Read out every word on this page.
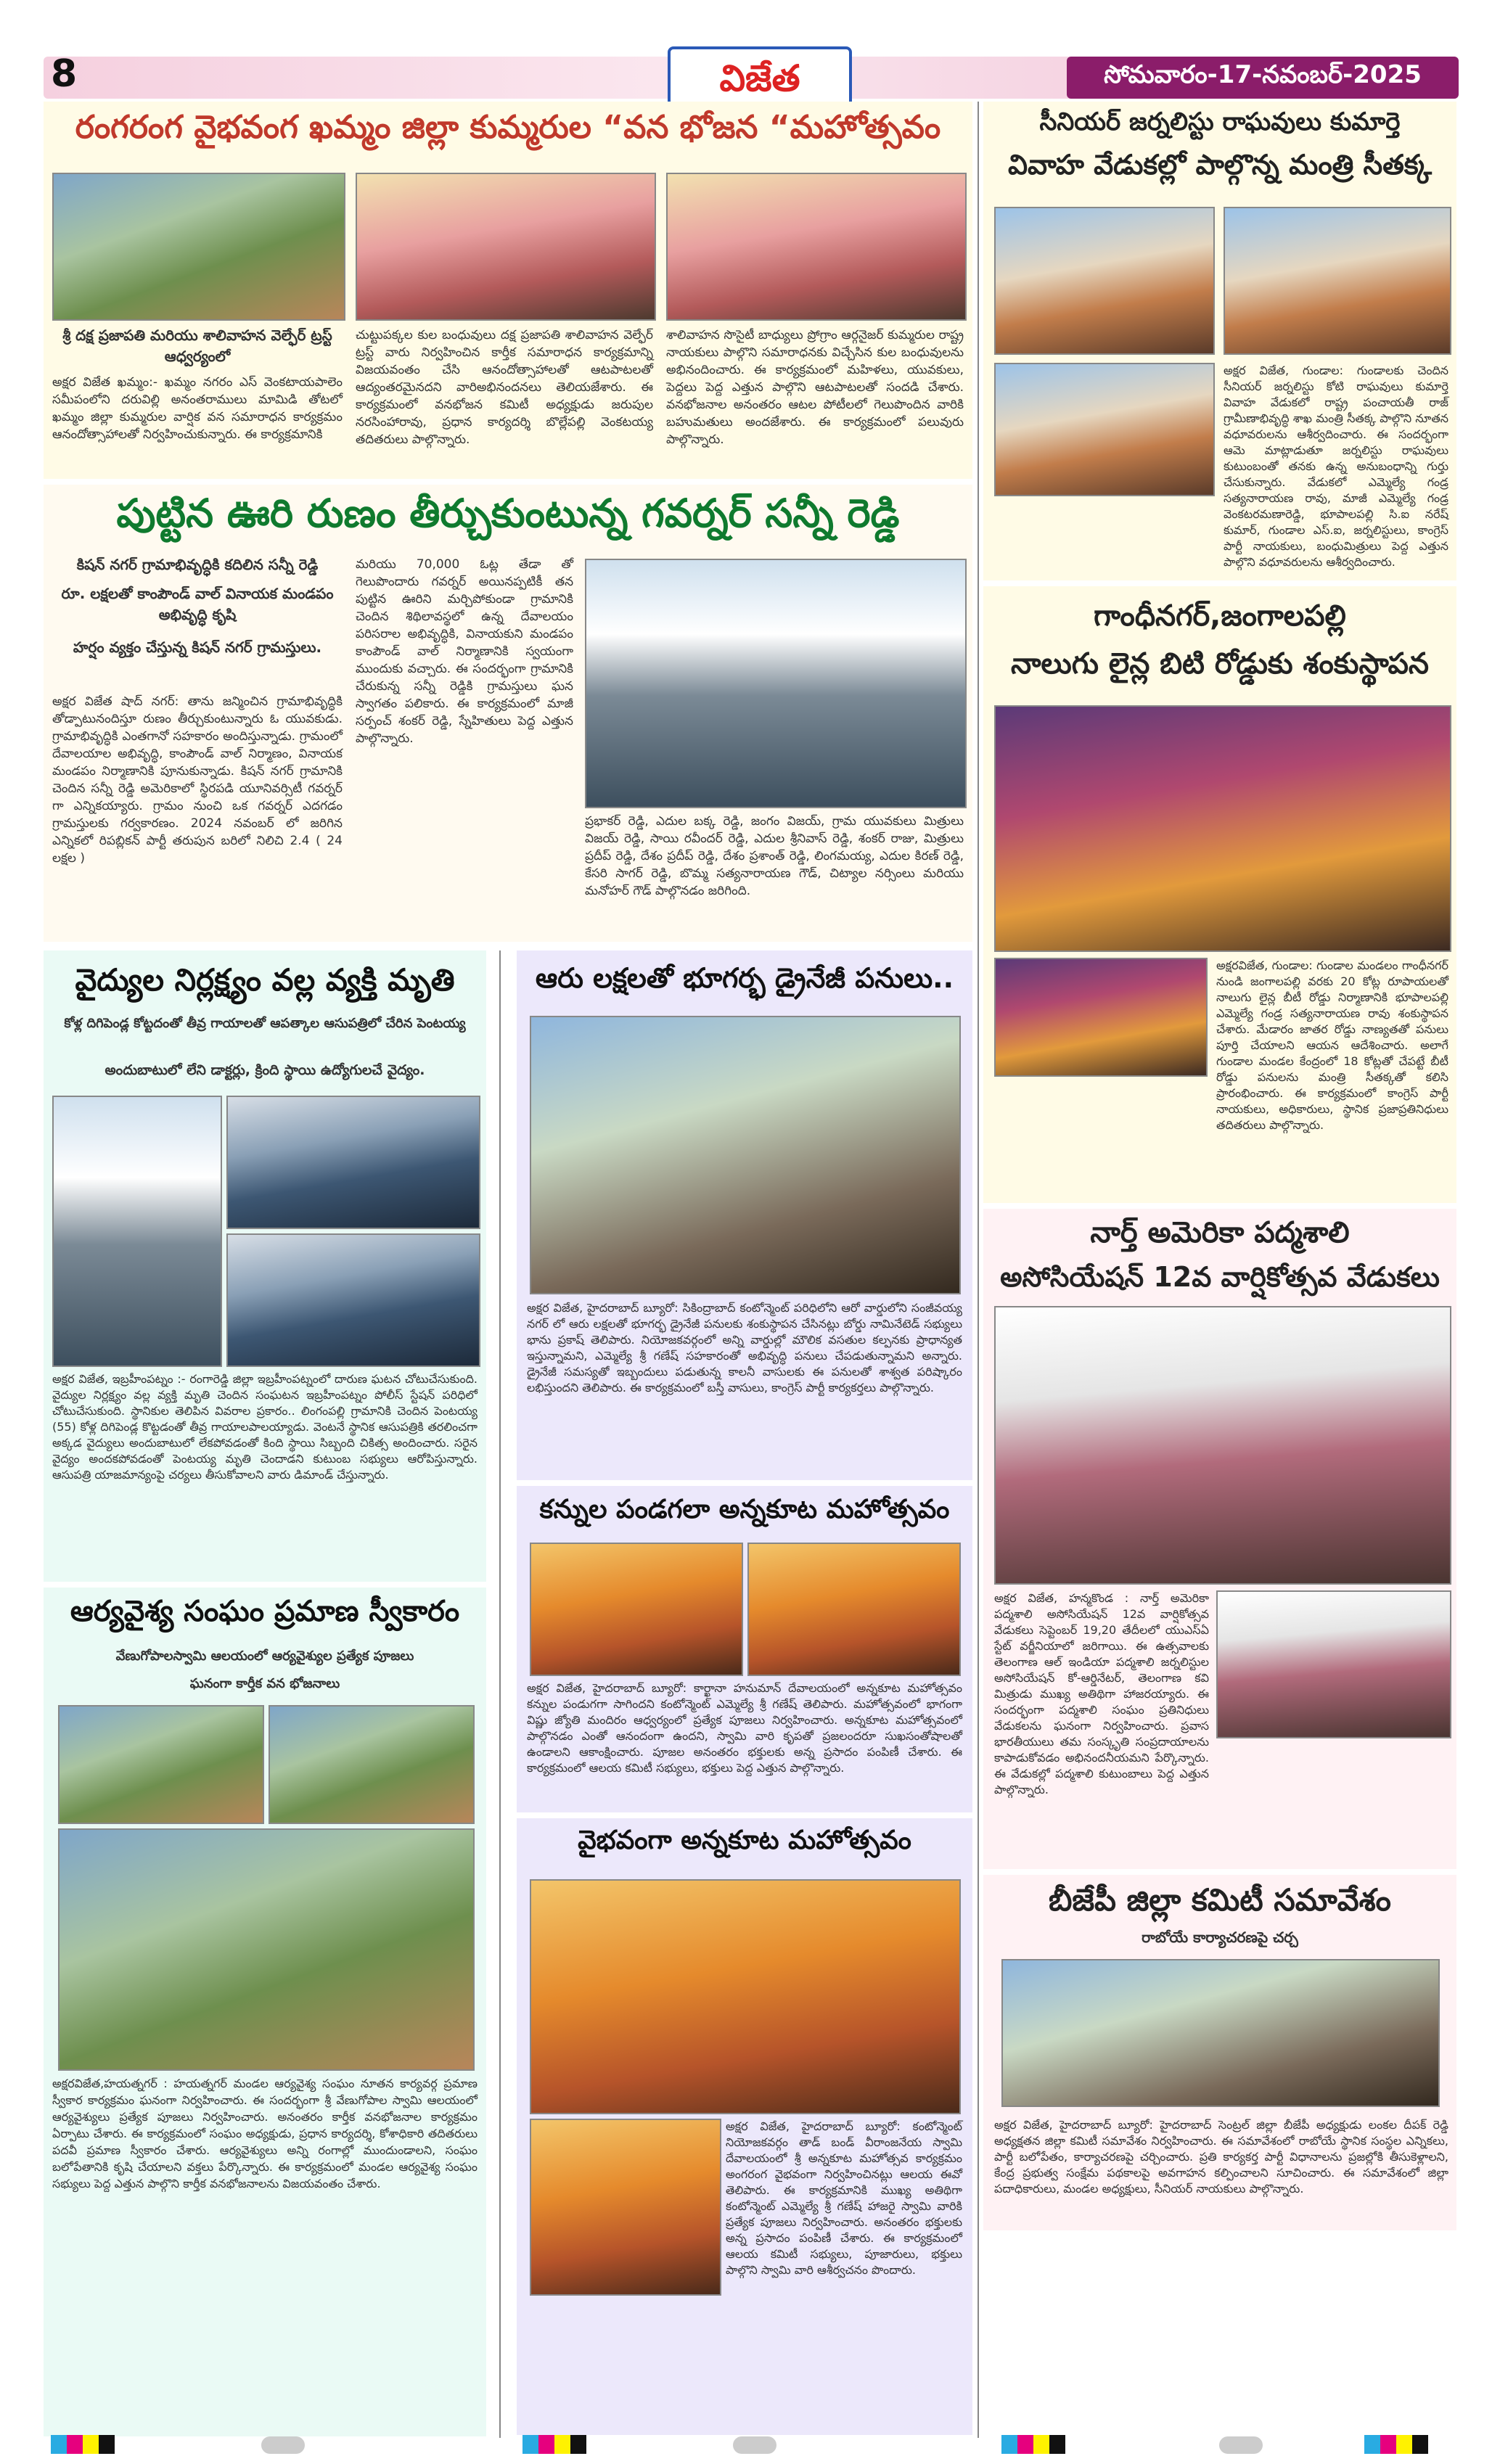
8	విజేత	సోమవారం-17-నవంబర్-2025
రంగరంగ వైభవంగ ఖమ్మం జిల్లా కుమ్మరుల “వన భోజన “మహోత్సవం
శ్రీ దక్ష ప్రజాపతి మరియు శాలివాహన వెల్ఫేర్ ట్రస్ట్ ఆధ్వర్యంలో
అక్షర విజేత ఖమ్మం:- ఖమ్మం నగరం ఎస్ వెంకటాయపాలెం సమీపంలోని దరువిల్లి అనంతరాములు మామిడి తోటలో ఖమ్మం జిల్లా కుమ్మరుల వార్షిక వన సమారాధన కార్యక్రమం ఆనందోత్సాహాలతో నిర్వహించుకున్నారు. ఈ కార్యక్రమానికి
చుట్టుపక్కల కుల బంధువులు దక్ష ప్రజాపతి శాలివాహన వెల్ఫేర్ ట్రస్ట్ వారు నిర్వహించిన కార్తీక సమారాధన కార్యక్రమాన్ని విజయవంతం చేసి ఆనందోత్సాహాలతో ఆటపాటలతో ఆద్యంతరమైనదని వారిఅభినందనలు తెలియజేశారు. ఈ కార్యక్రమంలో వనభోజన కమిటీ అధ్యక్షుడు జరుపుల నరసింహారావు, ప్రధాన కార్యదర్శి బొల్లేపల్లి వెంకటయ్య తదితరులు పాల్గొన్నారు.
శాలివాహన సొసైటీ బాధ్యులు ప్రోగ్రాం ఆర్గనైజర్ కుమ్మరుల రాష్ట్ర నాయకులు పాల్గొని సమారాధనకు విచ్చేసిన కుల బంధువులను అభినందించారు. ఈ కార్యక్రమంలో మహిళలు, యువకులు, పెద్దలు పెద్ద ఎత్తున పాల్గొని ఆటపాటలతో సందడి చేశారు. వనభోజనాల అనంతరం ఆటల పోటీలలో గెలుపొందిన వారికి బహుమతులు అందజేశారు. ఈ కార్యక్రమంలో పలువురు పాల్గొన్నారు.
పుట్టిన ఊరి రుణం తీర్చుకుంటున్న గవర్నర్ సన్నీ రెడ్డి
కిషన్ నగర్ గ్రామాభివృద్ధికి కదిలిన సన్నీ రెడ్డి
రూ. లక్షలతో కాంపౌండ్ వాల్ వినాయక మండపం అభివృద్ధి కృషి
హర్షం వ్యక్తం చేస్తున్న కిషన్ నగర్ గ్రామస్తులు.
అక్షర విజేత షాద్ నగర్: తాను జన్మించిన గ్రామాభివృద్ధికి తోడ్పాటునందిస్తూ రుణం తీర్చుకుంటున్నారు ఓ యువకుడు. గ్రామాభివృద్ధికి ఎంతగానో సహకారం అందిస్తున్నాడు. గ్రామంలో దేవాలయాల అభివృద్ధి, కాంపౌండ్ వాల్ నిర్మాణం, వినాయక మండపం నిర్మాణానికి పూనుకున్నాడు. కిషన్ నగర్ గ్రామానికి చెందిన సన్నీ రెడ్డి అమెరికాలో స్థిరపడి యూనివర్సిటీ గవర్నర్ గా ఎన్నికయ్యారు. గ్రామం నుంచి ఒక గవర్నర్ ఎదగడం గ్రామస్తులకు గర్వకారణం. 2024 నవంబర్ లో జరిగిన ఎన్నికలో రిపబ్లికన్ పార్టీ తరుపున బరిలో నిలిచి 2.4 ( 24 లక్షల )
మరియు 70,000 ఓట్ల తేడా తో గెలుపొందారు గవర్నర్ అయినప్పటికీ తన పుట్టిన ఊరిని మర్చిపోకుండా గ్రామానికి చెందిన శిథిలావస్థలో ఉన్న దేవాలయం పరిసరాల అభివృద్ధికి, వినాయకుని మండపం కాంపౌండ్ వాల్ నిర్మాణానికి స్వయంగా ముందుకు వచ్చారు. ఈ సందర్భంగా గ్రామానికి చేరుకున్న సన్నీ రెడ్డికి గ్రామస్తులు ఘన స్వాగతం పలికారు. ఈ కార్యక్రమంలో మాజీ సర్పంచ్ శంకర్ రెడ్డి, స్నేహితులు పెద్ద ఎత్తున పాల్గొన్నారు.
ప్రభాకర్ రెడ్డి, ఎదుల బక్క రెడ్డి, జంగం విజయ్, గ్రామ యువకులు మిత్రులు విజయ్ రెడ్డి, సాయి రవీందర్ రెడ్డి, ఎదుల శ్రీనివాస్ రెడ్డి, శంకర్ రాజు, మిత్రులు ప్రదీప్ రెడ్డి, దేశం ప్రదీప్ రెడ్డి, దేశం ప్రశాంత్ రెడ్డి, లింగమయ్య, ఎదుల కిరణ్ రెడ్డి, కేసరి సాగర్ రెడ్డి, బొమ్మ సత్యనారాయణ గౌడ్, చిట్యాల నర్సింలు మరియు మనోహర్ గౌడ్ పాల్గొనడం జరిగింది.
సీనియర్ జర్నలిస్టు రాఘవులు కుమార్తె
వివాహ వేడుకల్లో పాల్గొన్న మంత్రి సీతక్క
అక్షర విజేత, గుండాల: గుండాలకు చెందిన సీనియర్ జర్నలిస్టు కోటి రాఘవులు కుమార్తె వివాహ వేడుకలో రాష్ట్ర పంచాయతీ రాజ్ గ్రామీణాభివృద్ధి శాఖ మంత్రి సీతక్క పాల్గొని నూతన వధూవరులను ఆశీర్వదించారు. ఈ సందర్భంగా ఆమె మాట్లాడుతూ జర్నలిస్టు రాఘవులు కుటుంబంతో తనకు ఉన్న అనుబంధాన్ని గుర్తు చేసుకున్నారు. వేడుకలో ఎమ్మెల్యే గండ్ర సత్యనారాయణ రావు, మాజీ ఎమ్మెల్యే గండ్ర వెంకటరమణారెడ్డి, భూపాలపల్లి సి.ఐ నరేష్ కుమార్, గుండాల ఎస్.ఐ, జర్నలిస్టులు, కాంగ్రెస్ పార్టీ నాయకులు, బంధుమిత్రులు పెద్ద ఎత్తున పాల్గొని వధూవరులను ఆశీర్వదించారు.
గాంధీనగర్,జంగాలపల్లి
నాలుగు లైన్ల బిటి రోడ్డుకు శంకుస్థాపన
అక్షరవిజేత, గుండాల: గుండాల మండలం గాంధీనగర్ నుండి జంగాలపల్లి వరకు 20 కోట్ల రూపాయలతో నాలుగు లైన్ల బీటీ రోడ్డు నిర్మాణానికి భూపాలపల్లి ఎమ్మెల్యే గండ్ర సత్యనారాయణ రావు శంకుస్థాపన చేశారు. మేడారం జాతర రోడ్డు నాణ్యతతో పనులు పూర్తి చేయాలని ఆయన ఆదేశించారు. అలాగే గుండాల మండల కేంద్రంలో 18 కోట్లతో చేపట్టే బీటీ రోడ్డు పనులను మంత్రి సీతక్కతో కలిసి ప్రారంభించారు. ఈ కార్యక్రమంలో కాంగ్రెస్ పార్టీ నాయకులు, అధికారులు, స్థానిక ప్రజాప్రతినిధులు తదితరులు పాల్గొన్నారు.
నార్త్ అమెరికా పద్మశాలి
అసోసియేషన్ 12వ వార్షికోత్సవ వేడుకలు
అక్షర విజేత, హన్మకొండ : నార్త్ అమెరికా పద్మశాలి అసోసియేషన్ 12వ వార్షికోత్సవ వేడుకలు సెప్టెంబర్ 19,20 తేదీలలో యుఎస్ఏ స్టేట్ వర్జీనియాలో జరిగాయి. ఈ ఉత్సవాలకు తెలంగాణ ఆల్ ఇండియా పద్మశాలి జర్నలిస్టుల అసోసియేషన్ కో-ఆర్డినేటర్, తెలంగాణ కవి మిత్రుడు ముఖ్య అతిథిగా హాజరయ్యారు. ఈ సందర్భంగా పద్మశాలి సంఘం ప్రతినిధులు వేడుకలను ఘనంగా నిర్వహించారు. ప్రవాస భారతీయులు తమ సంస్కృతి సంప్రదాయాలను కాపాడుకోవడం అభినందనీయమని పేర్కొన్నారు. ఈ వేడుకల్లో పద్మశాలి కుటుంబాలు పెద్ద ఎత్తున పాల్గొన్నారు.
బీజేపీ జిల్లా కమిటీ సమావేశం
రాబోయే కార్యాచరణపై చర్చ
అక్షర విజేత, హైదరాబాద్ బ్యూరో: హైదరాబాద్ సెంట్రల్ జిల్లా బీజేపీ అధ్యక్షుడు లంకల దీపక్ రెడ్డి అధ్యక్షతన జిల్లా కమిటీ సమావేశం నిర్వహించారు. ఈ సమావేశంలో రాబోయే స్థానిక సంస్థల ఎన్నికలు, పార్టీ బలోపేతం, కార్యాచరణపై చర్చించారు. ప్రతి కార్యకర్త పార్టీ విధానాలను ప్రజల్లోకి తీసుకెళ్లాలని, కేంద్ర ప్రభుత్వ సంక్షేమ పథకాలపై అవగాహన కల్పించాలని సూచించారు. ఈ సమావేశంలో జిల్లా పదాధికారులు, మండల అధ్యక్షులు, సీనియర్ నాయకులు పాల్గొన్నారు.
వైద్యుల నిర్లక్ష్యం వల్ల వ్యక్తి మృతి
కోళ్ల దిగిపెండ్ల కోట్టదంతో తీవ్ర గాయాలతో ఆపత్కాల ఆసుపత్రిలో చేరిన పెంటయ్య
అందుబాటులో లేని డాక్టర్లు, క్రింది స్థాయి ఉద్యోగులచే వైద్యం.
అక్షర విజేత, ఇబ్రహీంపట్నం :- రంగారెడ్డి జిల్లా ఇబ్రహీంపట్నంలో దారుణ ఘటన చోటుచేసుకుంది. వైద్యుల నిర్లక్ష్యం వల్ల వ్యక్తి మృతి చెందిన సంఘటన ఇబ్రహీంపట్నం పోలీస్ స్టేషన్ పరిధిలో చోటుచేసుకుంది. స్థానికుల తెలిపిన వివరాల ప్రకారం.. లింగంపల్లి గ్రామానికి చెందిన పెంటయ్య (55) కోళ్ల దిగిపెండ్ల కొట్టడంతో తీవ్ర గాయాలపాలయ్యాడు. వెంటనే స్థానిక ఆసుపత్రికి తరలించగా అక్కడ వైద్యులు అందుబాటులో లేకపోవడంతో కింది స్థాయి సిబ్బంది చికిత్స అందించారు. సరైన వైద్యం అందకపోవడంతో పెంటయ్య మృతి చెందాడని కుటుంబ సభ్యులు ఆరోపిస్తున్నారు. ఆసుపత్రి యాజమాన్యంపై చర్యలు తీసుకోవాలని వారు డిమాండ్ చేస్తున్నారు.
ఆర్యవైశ్య సంఘం ప్రమాణ స్వీకారం
వేణుగోపాలస్వామి ఆలయంలో ఆర్యవైశ్యుల ప్రత్యేక పూజలు
ఘనంగా కార్తీక వన భోజనాలు
అక్షరవిజేత,హయత్నగర్ : హయత్నగర్ మండల ఆర్యవైశ్య సంఘం నూతన కార్యవర్గ ప్రమాణ స్వీకార కార్యక్రమం ఘనంగా నిర్వహించారు. ఈ సందర్భంగా శ్రీ వేణుగోపాల స్వామి ఆలయంలో ఆర్యవైశ్యులు ప్రత్యేక పూజలు నిర్వహించారు. అనంతరం కార్తీక వనభోజనాల కార్యక్రమం ఏర్పాటు చేశారు. ఈ కార్యక్రమంలో సంఘం అధ్యక్షుడు, ప్రధాన కార్యదర్శి, కోశాధికారి తదితరులు పదవీ ప్రమాణ స్వీకారం చేశారు. ఆర్యవైశ్యులు అన్ని రంగాల్లో ముందుండాలని, సంఘం బలోపేతానికి కృషి చేయాలని వక్తలు పేర్కొన్నారు. ఈ కార్యక్రమంలో మండల ఆర్యవైశ్య సంఘం సభ్యులు పెద్ద ఎత్తున పాల్గొని కార్తీక వనభోజనాలను విజయవంతం చేశారు.
ఆరు లక్షలతో భూగర్భ డ్రైనేజీ పనులు..
అక్షర విజేత, హైదరాబాద్ బ్యూరో: సికింద్రాబాద్ కంటోన్మెంట్ పరిధిలోని ఆరో వార్డులోని సంజీవయ్య నగర్ లో ఆరు లక్షలతో భూగర్భ డ్రైనేజీ పనులకు శంకుస్థాపన చేసినట్లు బోర్డు నామినేటెడ్ సభ్యులు భాను ప్రకాష్ తెలిపారు. నియోజకవర్గంలో అన్ని వార్డుల్లో మౌలిక వసతుల కల్పనకు ప్రాధాన్యత ఇస్తున్నామని, ఎమ్మెల్యే శ్రీ గణేష్ సహకారంతో అభివృద్ధి పనులు చేపడుతున్నామని అన్నారు. డ్రైనేజీ సమస్యతో ఇబ్బందులు పడుతున్న కాలనీ వాసులకు ఈ పనులతో శాశ్వత పరిష్కారం లభిస్తుందని తెలిపారు. ఈ కార్యక్రమంలో బస్తీ వాసులు, కాంగ్రెస్ పార్టీ కార్యకర్తలు పాల్గొన్నారు.
కన్నుల పండగలా అన్నకూట మహోత్సవం
అక్షర విజేత, హైదరాబాద్ బ్యూరో: కార్ఖానా హనుమాన్ దేవాలయంలో అన్నకూట మహోత్సవం కన్నుల పండుగగా సాగిందని కంటోన్మెంట్ ఎమ్మెల్యే శ్రీ గణేష్ తెలిపారు. మహోత్సవంలో భాగంగా విష్ణు జ్యోతి మందిరం ఆధ్వర్యంలో ప్రత్యేక పూజలు నిర్వహించారు. అన్నకూట మహోత్సవంలో పాల్గొనడం ఎంతో ఆనందంగా ఉందని, స్వామి వారి కృపతో ప్రజలందరూ సుఖసంతోషాలతో ఉండాలని ఆకాంక్షించారు. పూజల అనంతరం భక్తులకు అన్న ప్రసాదం పంపిణీ చేశారు. ఈ కార్యక్రమంలో ఆలయ కమిటీ సభ్యులు, భక్తులు పెద్ద ఎత్తున పాల్గొన్నారు.
వైభవంగా అన్నకూట మహోత్సవం
అక్షర విజేత, హైదరాబాద్ బ్యూరో: కంటోన్మెంట్ నియోజకవర్గం తాడ్ బండ్ వీరాంజనేయ స్వామి దేవాలయంలో శ్రీ అన్నకూట మహోత్సవ కార్యక్రమం అంగరంగ వైభవంగా నిర్వహించినట్లు ఆలయ ఈవో తెలిపారు. ఈ కార్యక్రమానికి ముఖ్య అతిథిగా కంటోన్మెంట్ ఎమ్మెల్యే శ్రీ గణేష్ హాజరై స్వామి వారికి ప్రత్యేక పూజలు నిర్వహించారు. అనంతరం భక్తులకు అన్న ప్రసాదం పంపిణీ చేశారు. ఈ కార్యక్రమంలో ఆలయ కమిటీ సభ్యులు, పూజారులు, భక్తులు పాల్గొని స్వామి వారి ఆశీర్వచనం పొందారు.
